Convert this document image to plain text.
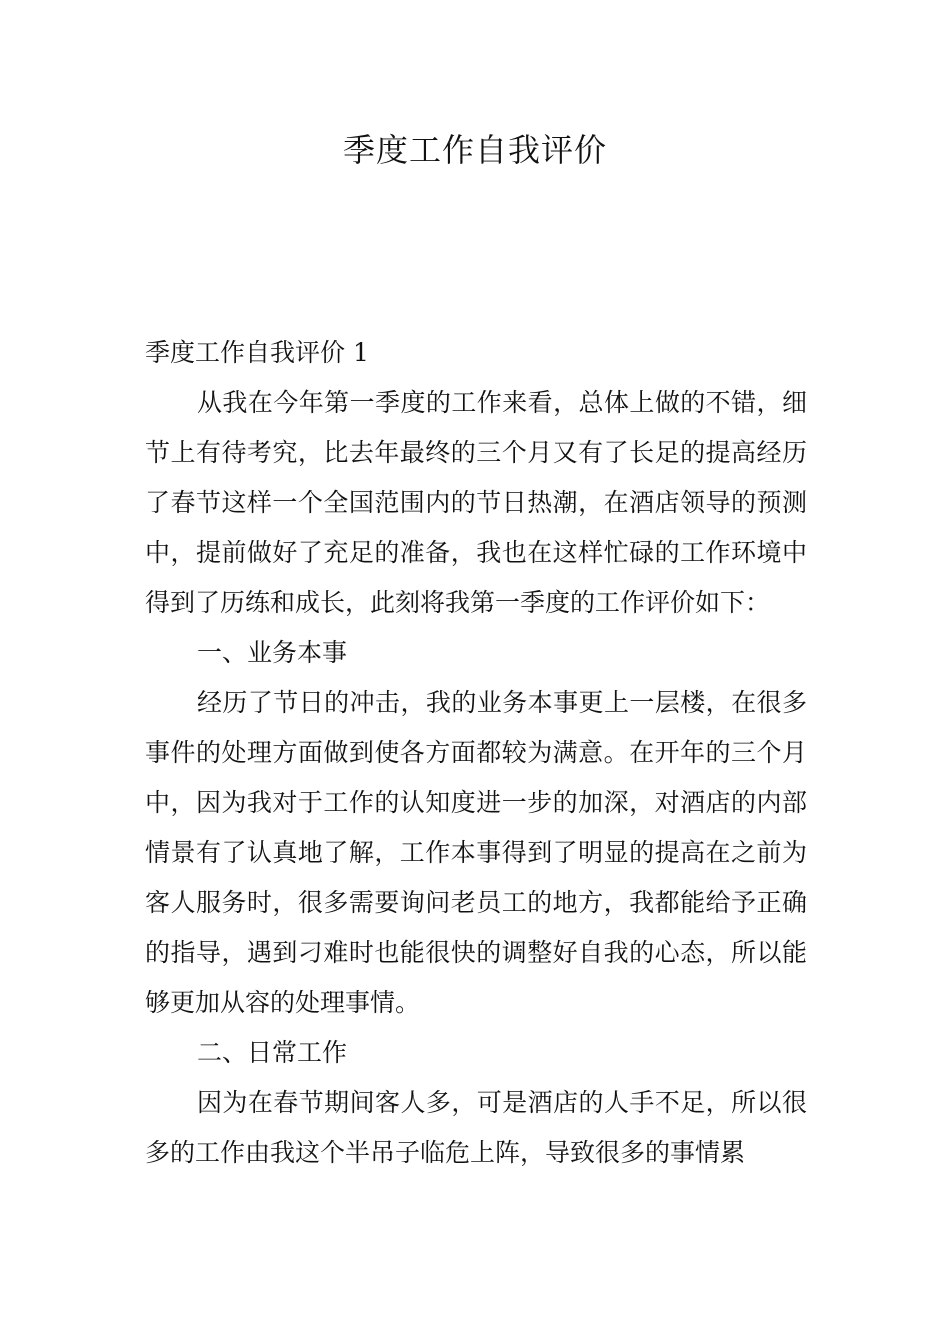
季度工作自我评价

季度工作自我评价 1

从我在今年第一季度的工作来看，总体上做的不错，细节上有待考究，比去年最终的三个月又有了长足的提高经历了春节这样一个全国范围内的节日热潮，在酒店领导的预测中，提前做好了充足的准备，我也在这样忙碌的工作环境中得到了历练和成长，此刻将我第一季度的工作评价如下：

一、业务本事

经历了节日的冲击，我的业务本事更上一层楼，在很多事件的处理方面做到使各方面都较为满意。在开年的三个月中，因为我对于工作的认知度进一步的加深，对酒店的内部情景有了认真地了解，工作本事得到了明显的提高在之前为客人服务时，很多需要询问老员工的地方，我都能给予正确的指导，遇到刁难时也能很快的调整好自我的心态，所以能够更加从容的处理事情。

二、日常工作

因为在春节期间客人多，可是酒店的人手不足，所以很多的工作由我这个半吊子临危上阵，导致很多的事情累
